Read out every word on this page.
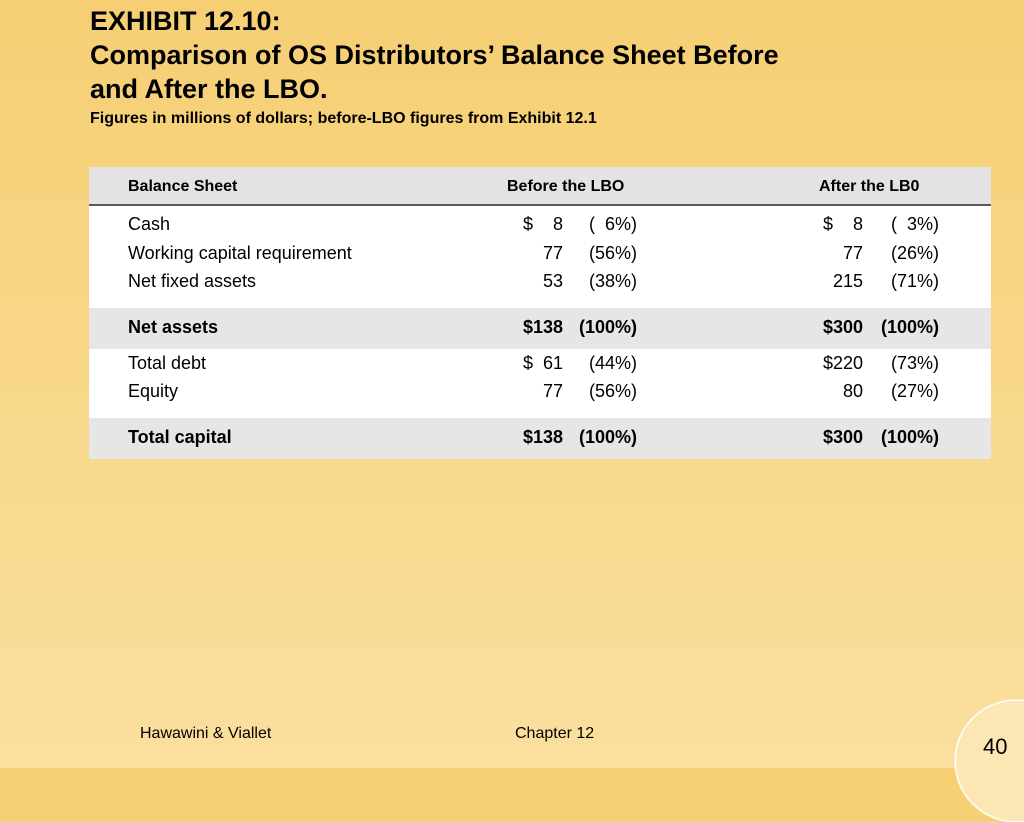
EXHIBIT 12.10:
Comparison of OS Distributors’ Balance Sheet Before
and After the LBO.
Figures in millions of dollars; before-LBO figures from Exhibit 12.1
Balance Sheet	Before the LBO	After the LB0
Cash	$    8	(  6%)	$    8	(  3%)
Working capital requirement	77	(56%)	77	(26%)
Net fixed assets	53	(38%)	215	(71%)
Net assets	$138 (100%)	$300 (100%)
Total debt	$  61	(44%)	$220	(73%)
Equity	77	(56%)	80	(27%)
Total capital	$138 (100%)	$300 (100%)
Hawawini & Viallet	Chapter 12
40
